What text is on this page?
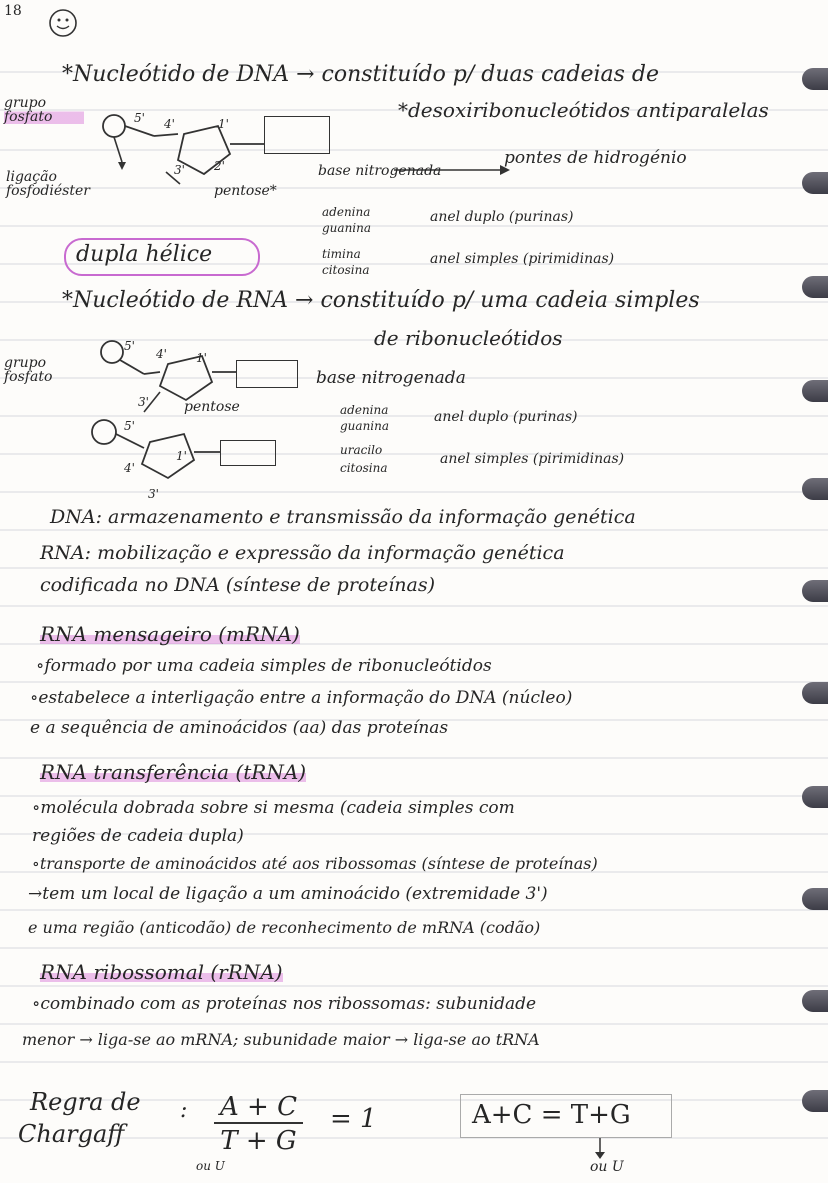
18
*Nucleótido de DNA → constituído p/ duas cadeias de
*desoxiribonucleótidos antiparalelas
grupo fosfato	5' 4'	1'
3' 2'	pontes de hidrogénio
base nitrogenada
ligação fosfodiéster	pentose*
dupla hélice
adenina
guanina
timina
citosina
anel duplo (purinas)
anel simples (pirimidinas)
*Nucleótido de RNA → constituído p/ uma cadeia simples
de ribonucleótidos
grupo fosfato
5'
4' 1'
3'	pentose
5'
4'
1'
3'
base nitrogenada
adenina
guanina
uracilo
citosina
anel duplo (purinas)
anel simples (pirimidinas)
DNA: armazenamento e transmissão da informação genética
RNA: mobilização e expressão da informação genética
codificada no DNA (síntese de proteínas)
RNA mensageiro (mRNA)
∘formado por uma cadeia simples de ribonucleótidos
∘estabelece a interligação entre a informação do DNA (núcleo)
e a sequência de aminoácidos (aa) das proteínas
RNA transferência (tRNA)
∘molécula dobrada sobre si mesma (cadeia simples com
regiões de cadeia dupla)
∘transporte de aminoácidos até aos ribossomas (síntese de proteínas)
→tem um local de ligação a um aminoácido (extremidade 3')
e uma região (anticodão) de reconhecimento de mRNA (codão)
RNA ribossomal (rRNA)
∘combinado com as proteínas nos ribossomas: subunidade
menor → liga-se ao mRNA; subunidade maior → liga-se ao tRNA
Regra de
Chargaff
: $\frac{A + C}{T + G} = 1$
ou U
A+C = T+G
ou U
